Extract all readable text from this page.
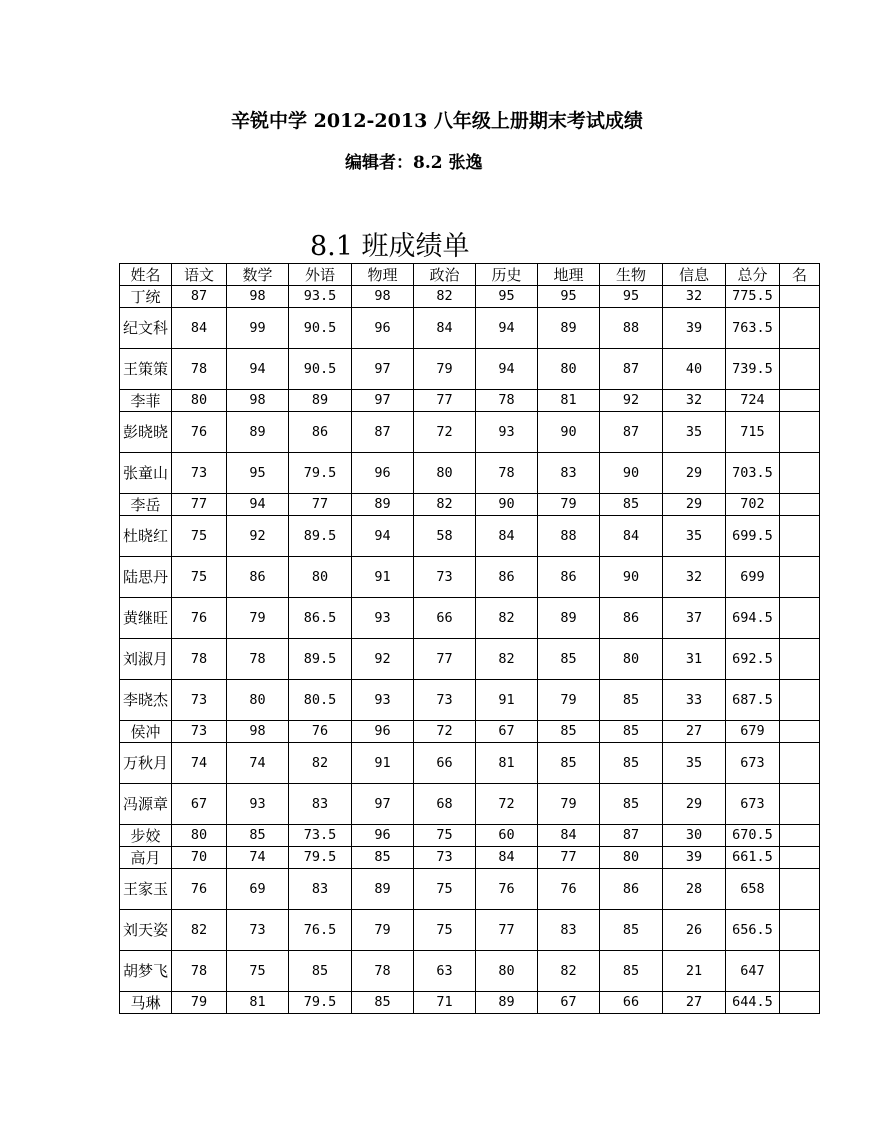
辛锐中学 2012-2013 八年级上册期末考试成绩
编辑者：8.2 张逸
8.1 班成绩单
姓名	语文	数学	外语	物理	政治	历史	地理	生物	信息	总分	名
丁统	87	98	93.5	98	82	95	95	95	32	775.5	
纪文科	84	99	90.5	96	84	94	89	88	39	763.5	
王策策	78	94	90.5	97	79	94	80	87	40	739.5	
李菲	80	98	89	97	77	78	81	92	32	724	
彭晓晓	76	89	86	87	72	93	90	87	35	715	
张童山	73	95	79.5	96	80	78	83	90	29	703.5	
李岳	77	94	77	89	82	90	79	85	29	702	
杜晓红	75	92	89.5	94	58	84	88	84	35	699.5	
陆思丹	75	86	80	91	73	86	86	90	32	699	
黄继旺	76	79	86.5	93	66	82	89	86	37	694.5	
刘淑月	78	78	89.5	92	77	82	85	80	31	692.5	
李晓杰	73	80	80.5	93	73	91	79	85	33	687.5	
侯冲	73	98	76	96	72	67	85	85	27	679	
万秋月	74	74	82	91	66	81	85	85	35	673	
冯源章	67	93	83	97	68	72	79	85	29	673	
步姣	80	85	73.5	96	75	60	84	87	30	670.5	
高月	70	74	79.5	85	73	84	77	80	39	661.5	
王家玉	76	69	83	89	75	76	76	86	28	658	
刘天姿	82	73	76.5	79	75	77	83	85	26	656.5	
胡梦飞	78	75	85	78	63	80	82	85	21	647	
马琳	79	81	79.5	85	71	89	67	66	27	644.5	
